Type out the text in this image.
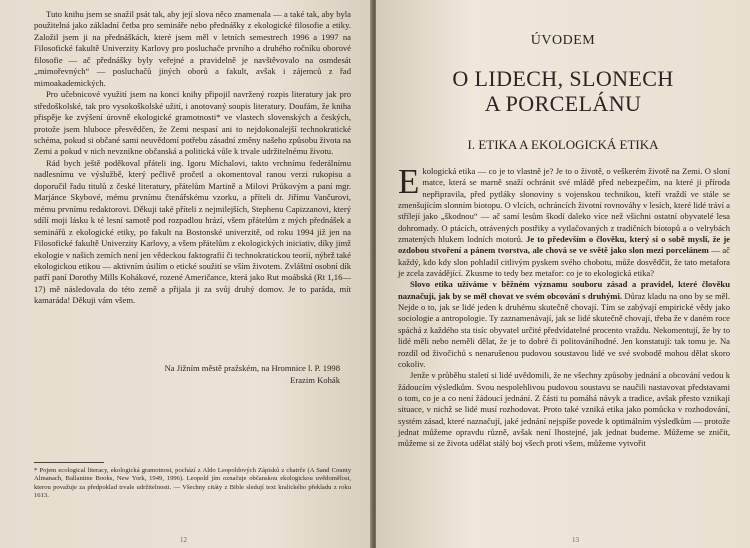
Tuto knihu jsem se snažil psát tak, aby její slova něco znamenala — a také tak, aby byla použitelná jako základní četba pro semináře nebo přednášky z ekologické filosofie a etiky. Založil jsem ji na přednáškách, které jsem měl v letních semestrech 1996 a 1997 na Filosofické fakultě Univerzity Karlovy pro posluchače prvního a druhého ročníku oborové filosofie — ač přednášky byly veřejné a pravidelně je navštěvovalo na osmdesát „mimořevných“ — posluchačů jiných oborů a fakult, avšak i zájemců z řad mimoakademických.

Pro učebnicové využití jsem na konci knihy připojil navržený rozpis literatury jak pro středoškolské, tak pro vysokoškolské užití, i anotovaný soupis literatury. Doufám, že kniha přispěje ke zvýšení úrovně ekologické gramotnosti* ve vlastech slovenských a českých, protože jsem hluboce přesvědčen, že Zemi nespasí ani to nejdokonalejší technokratické schéma, pokud si občané sami neuvědomí potřebu zásadní změny našeho způsobu života na Zemi a pokud v nich nevznikne občanská a politická vůle k trvale udržitelnému životu.

Rád bych ještě poděkoval přáteli ing. Igoru Míchalovi, takto vrchnímu federálnímu nadlesnímu ve výslužbě, který pečlivě pročetl a okomentoval ranou verzi rukopisu a doporučil řadu titulů z české literatury, přátelům Martině a Milovi Průkovým a paní mgr. Marjánce Skybové, mému prvnímu čtenářskému vzorku, a příteli dr. Jiřímu Vančurovi, mému prvnímu redaktorovi. Děkuji také příteli z nejmilejších, Stephenu Capizzanovi, který sdílí moji lásku k té lesní samotě pod rozpadlou hrází, všem přátelům z mých přednášek a seminářů z ekologické etiky, po fakult na Bostonské univerzitě, od roku 1994 již jen na Filosofické fakultě Univerzity Karlovy, a všem přátelům z ekologických iniciativ, díky jimž ekologie v našich zemích není jen vědeckou faktografií či technokratickou teorií, nýbrž také ekologickou etikou — aktivním úsilím o etické soužití se vším životem. Zvláštní osobní dík patří paní Dorothy Mills Kohákové, rozené Američance, která jako Rut moábská (Rt 1,16—17) mě následovala do této země a přijala ji za svůj druhý domov. Je to paráda, mít kamaráda! Děkuji vám všem.

Na Jižním městě pražském, na Hromnice l. P. 1998
Erazim Kohák
* Pojem ecological literacy, ekologická gramotnost, pochází z Aldo Leopoldových Zápisků z chatrče (A Sand County Almanach, Ballantine Books, New York, 1949, 1996). Leopold jím označuje občanskou ekologickou uvědomělost, kterou považuje za předpoklad trvale udržitelnosti. — Všechny citáty z Bible sledují text kralického překladu z roku 1613.
12
ÚVODEM
O LIDECH, SLONECH
A PORCELÁNU
I. ETIKA A EKOLOGICKÁ ETIKA

Ekologická etika — co je to vlastně je? Je to o životě, o veškerém životě na Zemi. O sloní matce, která se marně snaží ochránit své mládě před nebezpečím, na které ji příroda nepřipravila, před pytláky slonoviny s vojenskou technikou, kteří vraždí ve stále se zmenšujícím slonním biotopu. O vlcích, ochráncích životní rovnováhy v lesích, které lidé tráví a střílejí jako „škodnou“ — ač samí lesům škodí daleko více než všichni ostatní obyvatelé lesa dohromady. O ptácích, otrávených postřiky a vytlačovaných z tradičních biotopů a o velrybách zmatených hlukem lodních motorů. Je to především o člověku, který si o sobě myslí, že je ozdobou stvoření a pánem tvorstva, ale chová se ve světě jako slon mezi porcelánem — ač každý, kdo kdy slon pohladil citlivým pyskem svého chobotu, může dosvědčit, že tato metafora je zcela zavádějící. Zkusme to tedy bez metafor: co je to ekologická etika?

Slovo etika užíváme v běžném významu souboru zásad a pravidel, které člověku naznačují, jak by se měl chovat ve svém obcování s druhými. Důraz kladu na ono by se měl. Nejde o to, jak se lidé jeden k druhému skutečně chovají. Tím se zabývají empirické vědy jako sociologie a antropologie. Ty zaznamenávají, jak se lidé skutečně chovají, třeba že v daném roce spáchá z každého sta tisíc obyvatel určité předvídatelné procento vraždu. Nekomentují, že by to lidé měli nebo neměli dělat, že je to dobré či politováníhodné. Jen konstatují: tak tomu je. Na rozdíl od živočichů s nenarušenou pudovou soustavou lidé ve své svobodě mohou dělat skoro cokoliv.

Jenže v průběhu staletí si lidé uvědomili, že ne všechny způsoby jednání a obcování vedou k žádoucím výsledkům. Svou nespolehlivou pudovou soustavu se naučili nastavovat představami o tom, co je a co není žádoucí jednání. Z části tu pomáhá návyk a tradice, avšak přesto vznikají situace, v nichž se lidé musí rozhodovat. Proto také vzniká etika jako pomůcka v rozhodování, systém zásad, které naznačují, jaké jednání nejspíše povede k optimálním výsledkům — protože jednat můžeme opravdu různě, avšak není lhostejné, jak jednat budeme. Můžeme se zničit, můžeme si ze života udělat stálý boj všech proti všem, můžeme vytvořit

13
